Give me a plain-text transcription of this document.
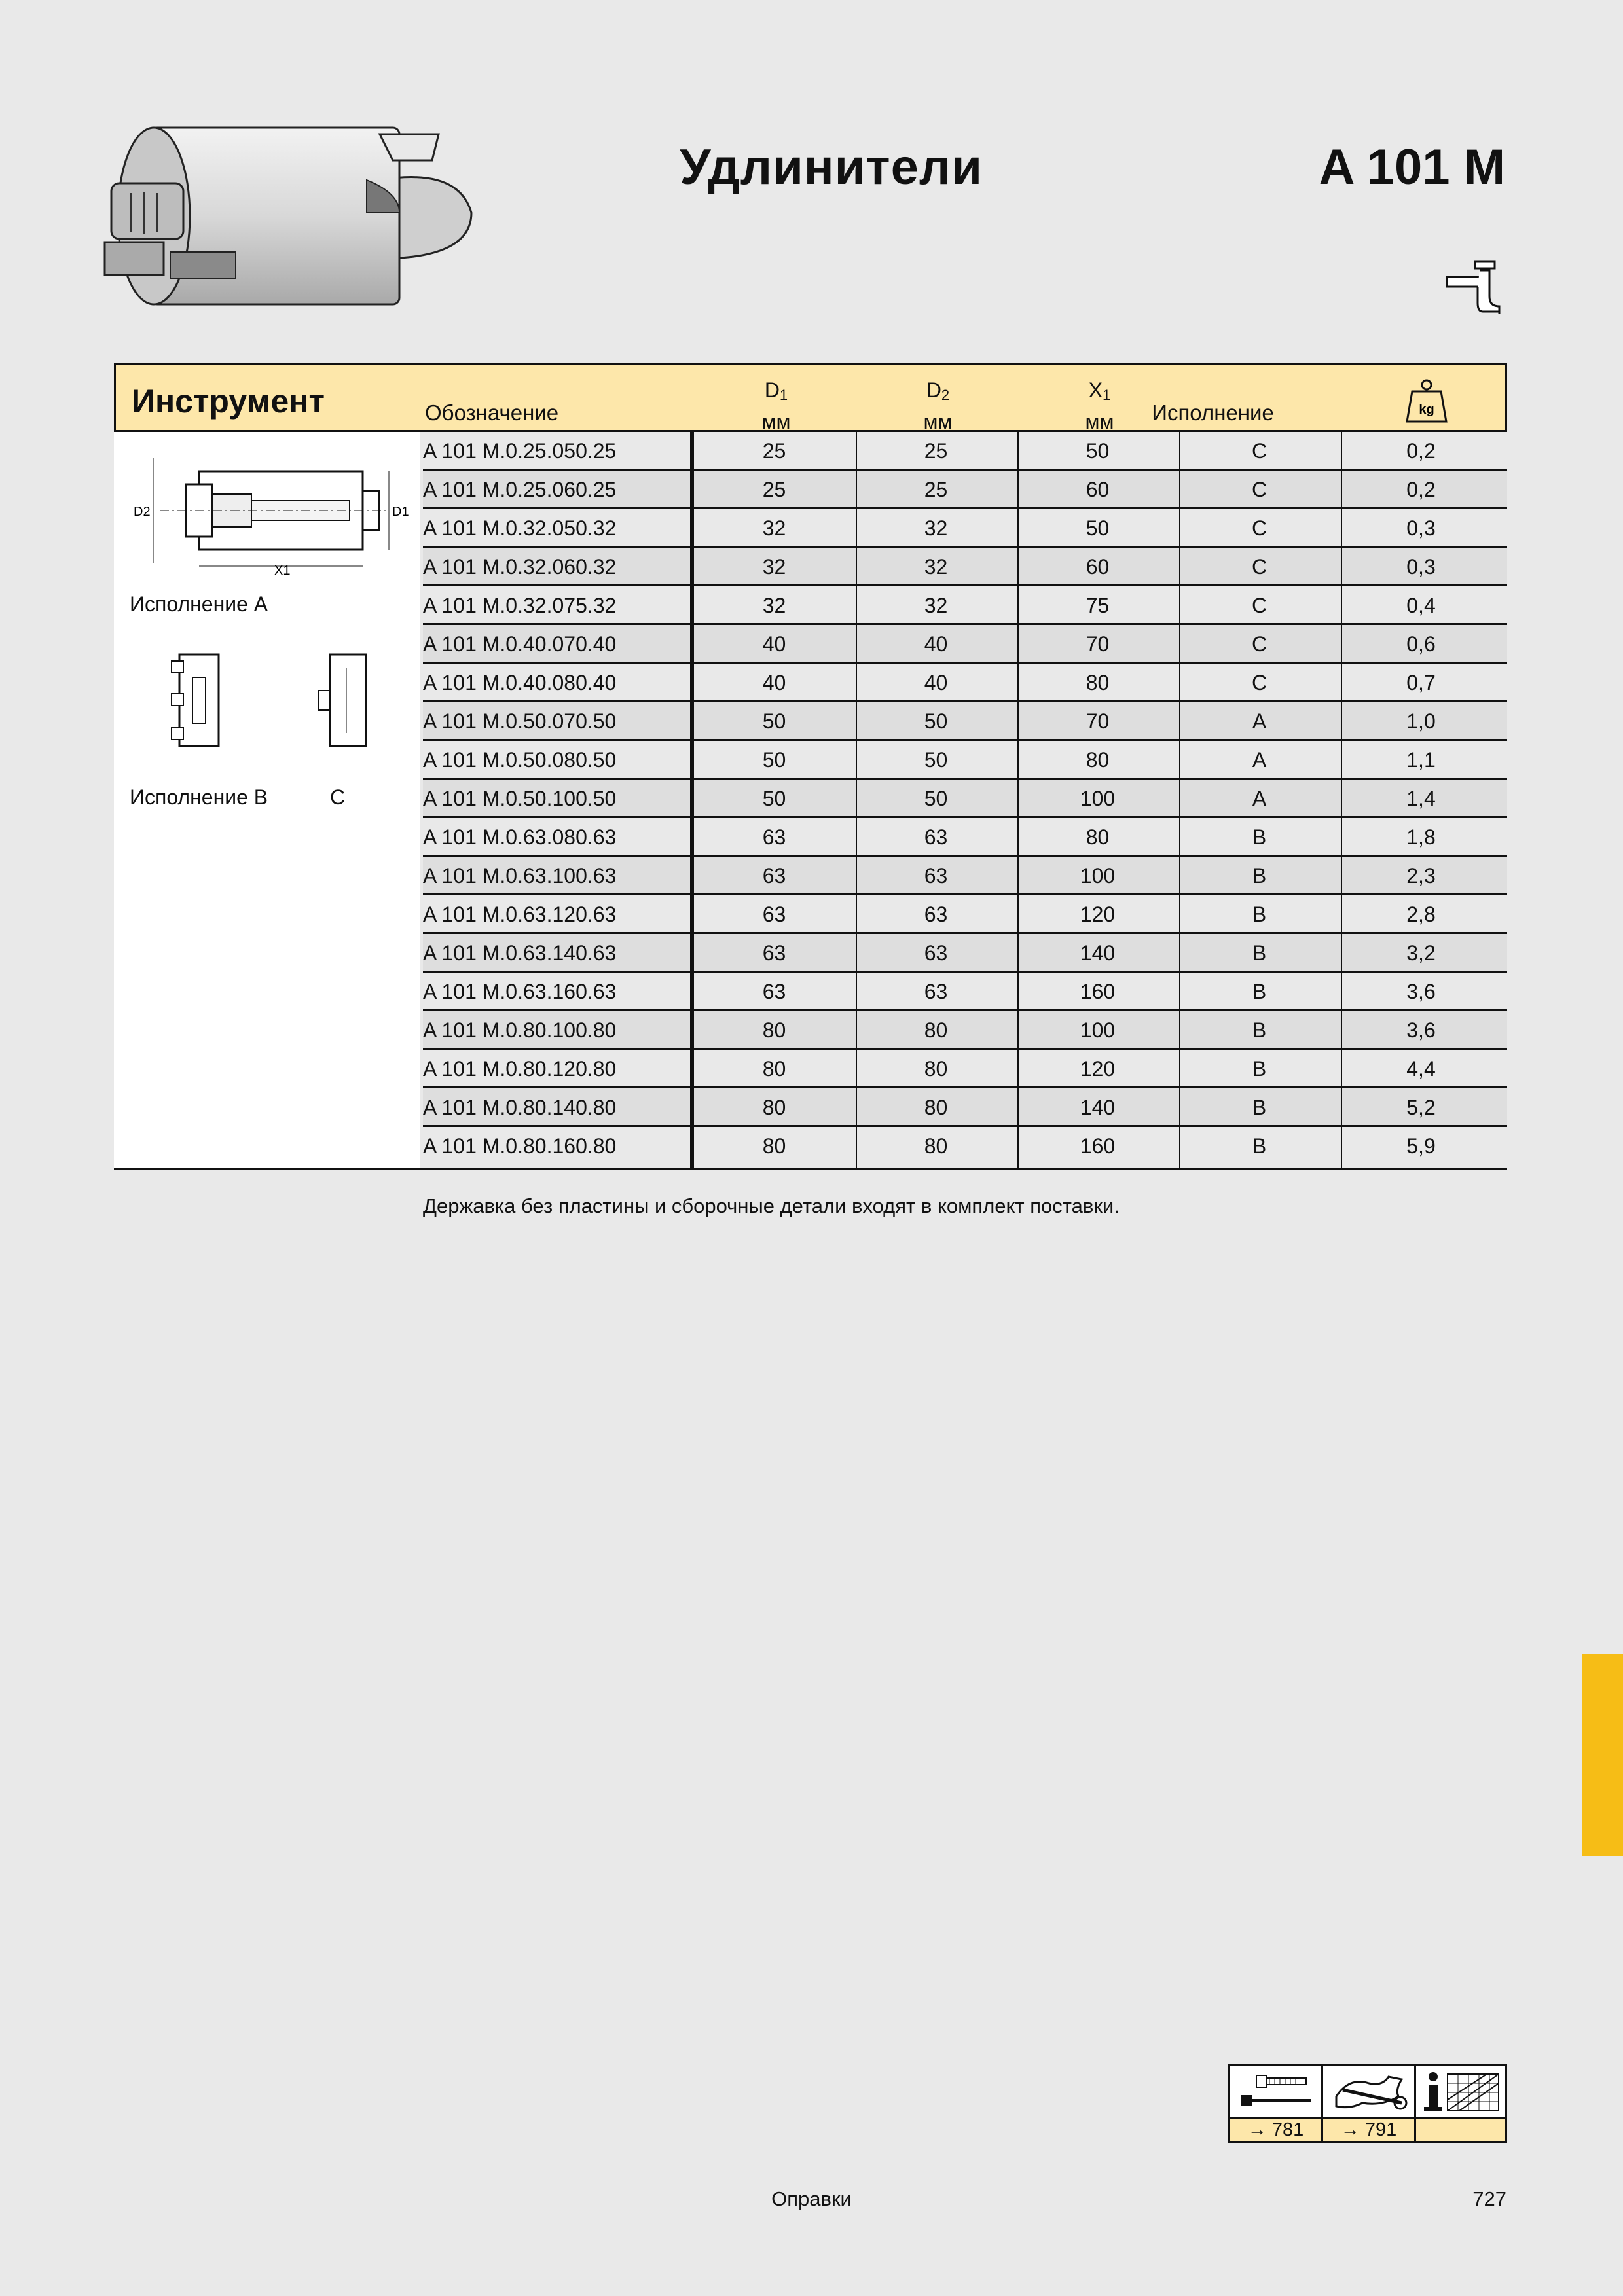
Удлинители	A 101 M
Инструмент	Обозначение
$D_1$
мм
$D_2$
мм
$X_1$
мм	Исполнение	kg
D2	D1
X1
Исполнение A
Исполнение B	C
A 101 M.0.25.050.25	25	25	50	C	0,2
A 101 M.0.25.060.25	25	25	60	C	0,2
A 101 M.0.32.050.32	32	32	50	C	0,3
A 101 M.0.32.060.32	32	32	60	C	0,3
A 101 M.0.32.075.32	32	32	75	C	0,4
A 101 M.0.40.070.40	40	40	70	C	0,6
A 101 M.0.40.080.40	40	40	80	C	0,7
A 101 M.0.50.070.50	50	50	70	A	1,0
A 101 M.0.50.080.50	50	50	80	A	1,1
A 101 M.0.50.100.50	50	50	100	A	1,4
A 101 M.0.63.080.63	63	63	80	B	1,8
A 101 M.0.63.100.63	63	63	100	B	2,3
A 101 M.0.63.120.63	63	63	120	B	2,8
A 101 M.0.63.140.63	63	63	140	B	3,2
A 101 M.0.63.160.63	63	63	160	B	3,6
A 101 M.0.80.100.80	80	80	100	B	3,6
A 101 M.0.80.120.80	80	80	120	B	4,4
A 101 M.0.80.140.80	80	80	140	B	5,2
A 101 M.0.80.160.80	80	80	160	B	5,9
Державка без пластины и сборочные детали входят в комплект поставки.
→ 781	→ 791
Оправки	727
